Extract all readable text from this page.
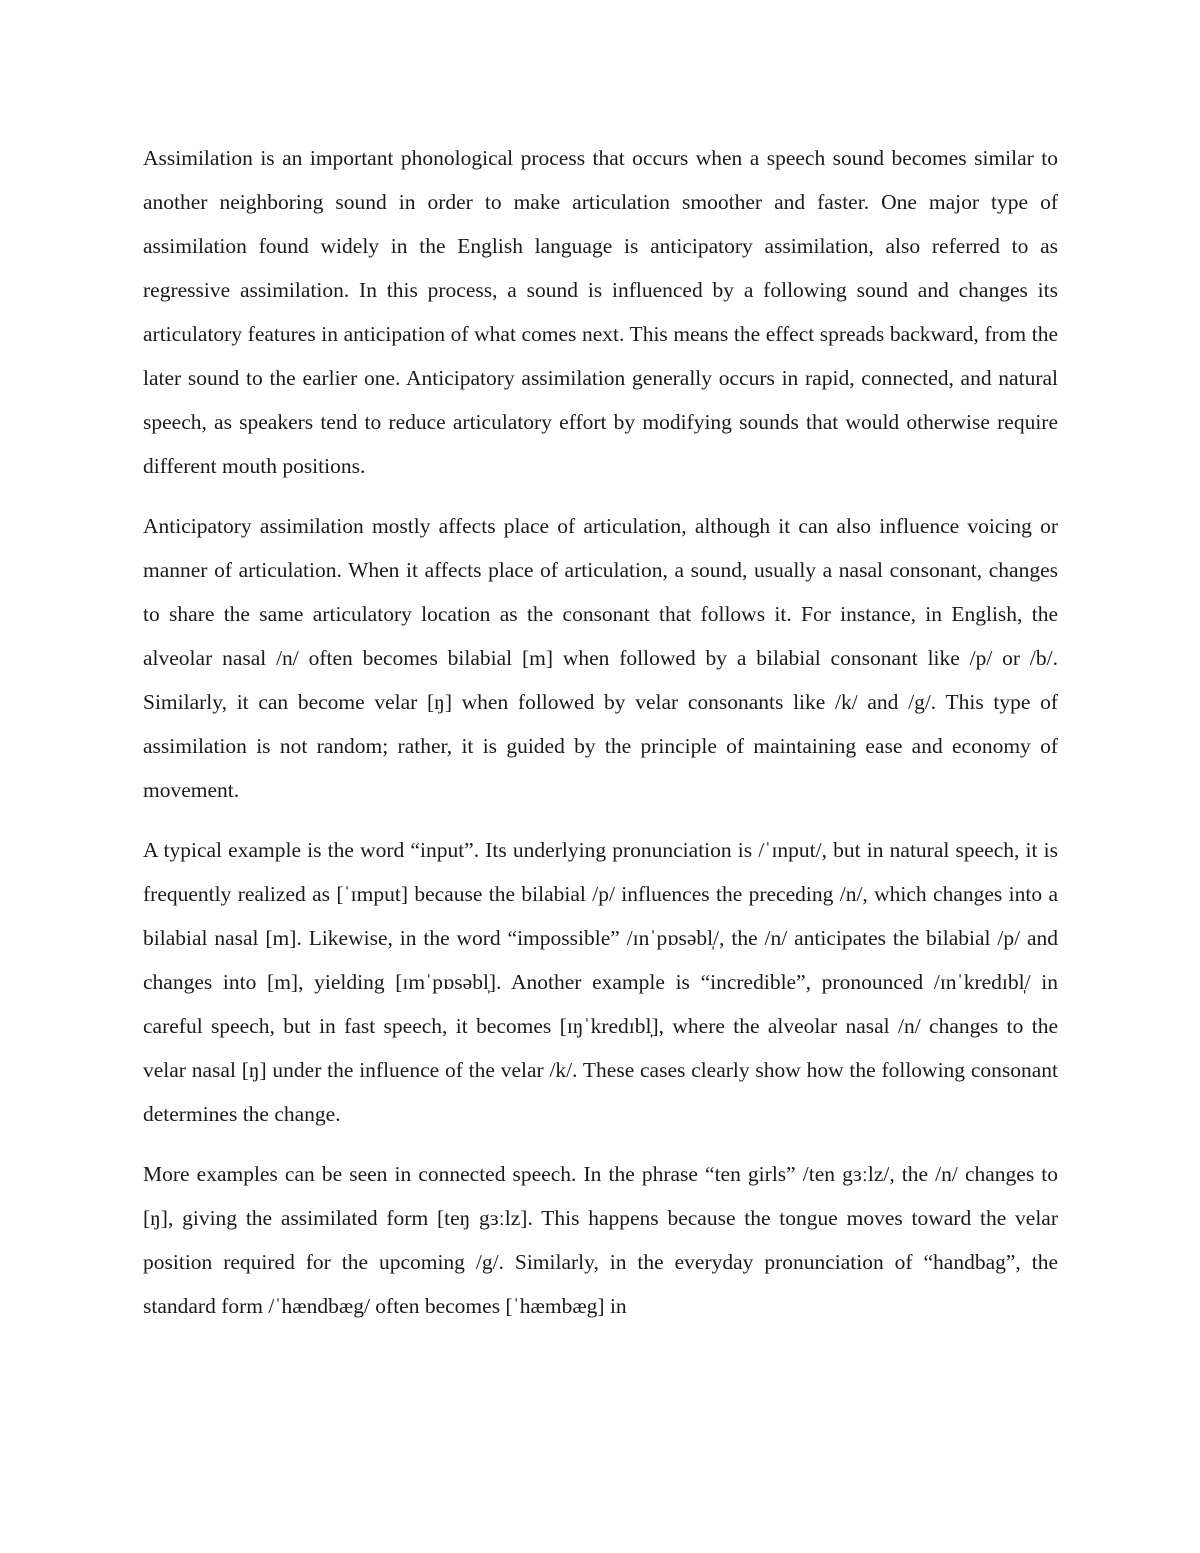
Assimilation is an important phonological process that occurs when a speech sound becomes similar to another neighboring sound in order to make articulation smoother and faster. One major type of assimilation found widely in the English language is anticipatory assimilation, also referred to as regressive assimilation. In this process, a sound is influenced by a following sound and changes its articulatory features in anticipation of what comes next. This means the effect spreads backward, from the later sound to the earlier one. Anticipatory assimilation generally occurs in rapid, connected, and natural speech, as speakers tend to reduce articulatory effort by modifying sounds that would otherwise require different mouth positions.

Anticipatory assimilation mostly affects place of articulation, although it can also influence voicing or manner of articulation. When it affects place of articulation, a sound, usually a nasal consonant, changes to share the same articulatory location as the consonant that follows it. For instance, in English, the alveolar nasal /n/ often becomes bilabial [m] when followed by a bilabial consonant like /p/ or /b/. Similarly, it can become velar [ŋ] when followed by velar consonants like /k/ and /g/. This type of assimilation is not random; rather, it is guided by the principle of maintaining ease and economy of movement.

A typical example is the word “input”. Its underlying pronunciation is /ˈɪnput/, but in natural speech, it is frequently realized as [ˈɪmput] because the bilabial /p/ influences the preceding /n/, which changes into a bilabial nasal [m]. Likewise, in the word “impossible” /ɪnˈpɒsəbl̩/, the /n/ anticipates the bilabial /p/ and changes into [m], yielding [ɪmˈpɒsəbl̩]. Another example is “incredible”, pronounced /ɪnˈkredɪbl̩/ in careful speech, but in fast speech, it becomes [ɪŋˈkredɪbl̩], where the alveolar nasal /n/ changes to the velar nasal [ŋ] under the influence of the velar /k/. These cases clearly show how the following consonant determines the change.

More examples can be seen in connected speech. In the phrase “ten girls” /ten gɜːlz/, the /n/ changes to [ŋ], giving the assimilated form [teŋ gɜːlz]. This happens because the tongue moves toward the velar position required for the upcoming /g/. Similarly, in the everyday pronunciation of “handbag”, the standard form /ˈhændbæg/ often becomes [ˈhæmbæg] in
